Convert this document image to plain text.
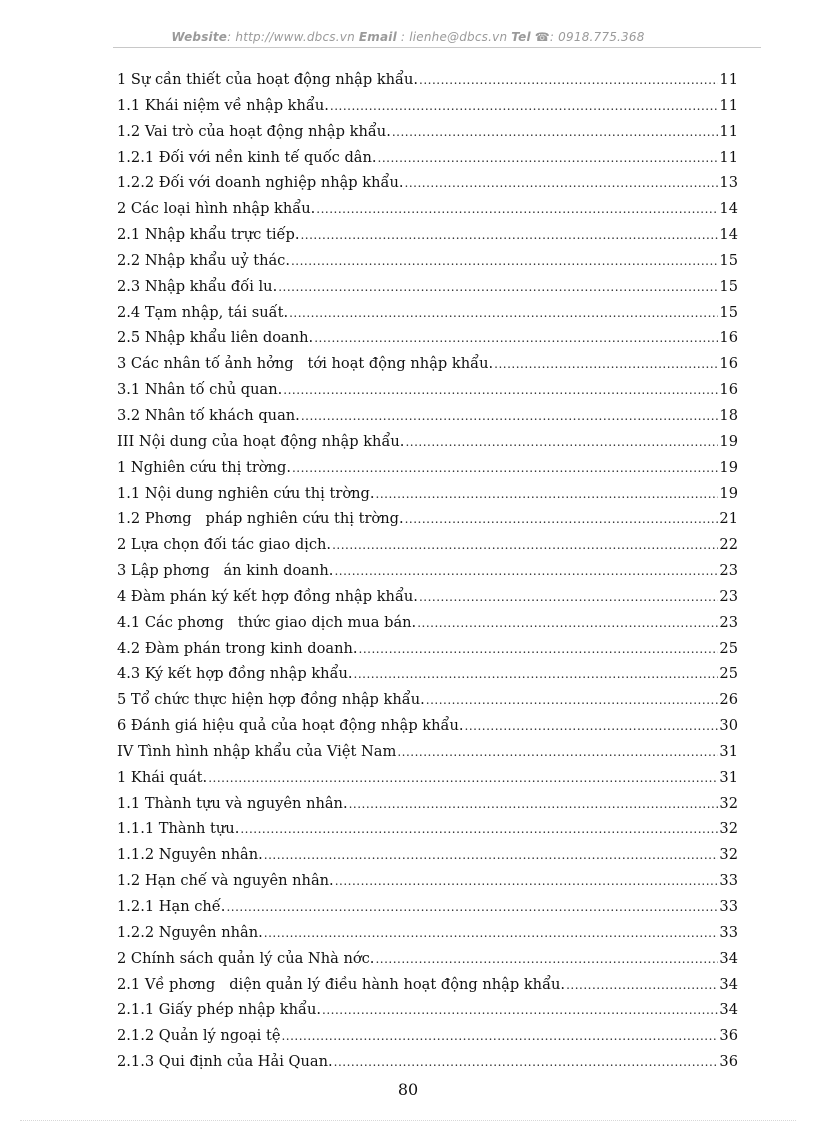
Website: http://www.dbcs.vn Email : lienhe@dbcs.vn Tel ☎: 0918.775.368
1 Sự cần thiết của hoạt động nhập khẩu. .....	11
1.1 Khái niệm về nhập khẩu. .....	11
1.2 Vai trò của hoạt động nhập khẩu. .....	11
1.2.1 Đối với nền kinh tế quốc dân. .....	11
1.2.2 Đối với doanh nghiệp nhập khẩu. .....	13
2 Các loại hình nhập khẩu. .....	14
2.1 Nhập khẩu trực tiếp. .....	14
2.2 Nhập khẩu uỷ thác. .....	15
2.3 Nhập khẩu đối lu. .....	15
2.4 Tạm nhập, tái suất. .....	15
2.5 Nhập khẩu liên doanh. .....	16
3 Các nhân tố ảnh hởng   tới hoạt động nhập khẩu. .....	16
3.1 Nhân tố chủ quan. .....	16
3.2 Nhân tố khách quan. .....	18
III Nội dung của hoạt động nhập khẩu. .....	19
1 Nghiên cứu thị trờng. .....	19
1.1 Nội dung nghiên cứu thị trờng. .....	19
1.2 Phơng   pháp nghiên cứu thị trờng. .....	21
2 Lựa chọn đối tác giao dịch. .....	22
3 Lập phơng   án kinh doanh. .....	23
4 Đàm phán ký kết hợp đồng nhập khẩu. .....	23
4.1 Các phơng   thức giao dịch mua bán. .....	23
4.2 Đàm phán trong kinh doanh. .....	25
4.3 Ký kết hợp đồng nhập khẩu. .....	25
5 Tổ chức thực hiện hợp đồng nhập khẩu. .....	26
6 Đánh giá hiệu quả của hoạt động nhập khẩu. .....	30
IV Tình hình nhập khẩu của Việt Nam .....	31
1 Khái quát. .....	31
1.1 Thành tựu và nguyên nhân. .....	32
1.1.1 Thành tựu. .....	32
1.1.2 Nguyên nhân. .....	32
1.2 Hạn chế và nguyên nhân. .....	33
1.2.1 Hạn chế. .....	33
1.2.2 Nguyên nhân. .....	33
2 Chính sách quản lý của Nhà nớc. .....	34
2.1 Về phơng   diện quản lý điều hành hoạt động nhập khẩu. .....	34
2.1.1 Giấy phép nhập khẩu. .....	34
2.1.2 Quản lý ngoại tệ .....	36
2.1.3 Qui định của Hải Quan. .....	36
80
